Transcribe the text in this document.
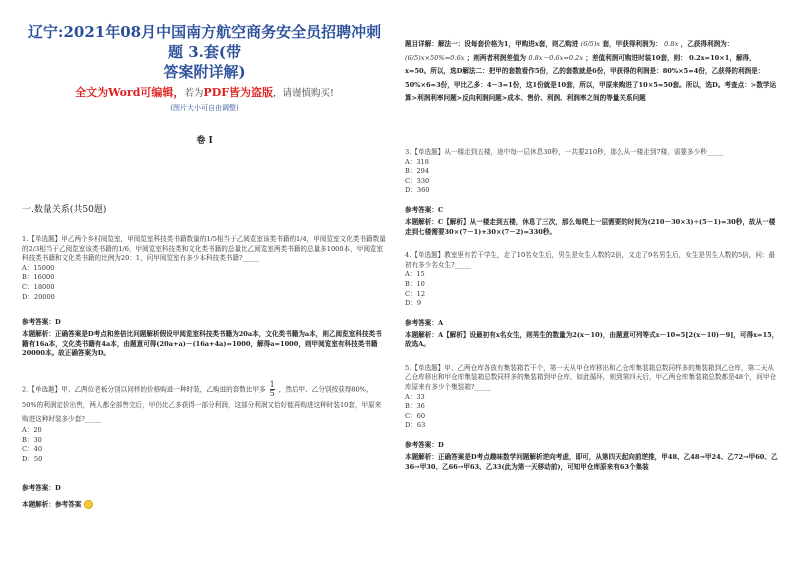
辽宁:2021年08月中国南方航空商务安全员招聘冲刺题 3.套(带
答案附详解)
全文为Word可编辑，若为PDF皆为盗版，请谨慎购买!
(图片大小可自由调整)
卷 I
一.数量关系(共50题)
1.【单选题】甲乙两个乡村阅览室，甲阅览室科技类书籍数量的1/5相当于乙阅览室该类书籍的1/4，甲阅览室文化类书籍数量的2/3相当于乙阅览室该类书籍的1/6，甲阅览室科技类和文化类书籍的总量比乙阅览室两类书籍的总量多1000本，甲阅览室科技类书籍和文化类书籍的比例为20：1，问甲阅览室有多少本科技类书籍?_____
A：15000
B：16000
C：18000
D：20000
参考答案：D
本题解析：正确答案是D考点和差倍比问题解析假设甲阅览室科技类书籍为20a本，文化类书籍为a本，则乙阅览室科技类书籍有16a本，文化类书籍有4a本，由题意可得(20a+a)－(16a+4a)=1000，解得a=1000，则甲阅览室有科技类书籍20000本。故正确答案为D。
2.【单选题】甲、乙两位老板分别以同样的价格购进一种时装，乙购进的套数比甲多 $\frac{1}{5}$ ，然后甲、乙分别按获得80%，50%的利润定价出售，两人都全部售完后，甲仍比乙多获得一部分利润，这部分利润又恰好能再购进这种时装10套，甲原来购进这种时装多少套?_____
A：20
B：30
C：40
D：50
参考答案：D
本题解析：参考答案
题目详解：解法一：设每套价格为1，甲购进x套，则乙购进 (6/5)x 套，甲获得利润为： 0.8x ，乙获得利润为： (6/5)x×50%=0.6x ；则两者利润差值为 0.8x－0.6x=0.2x ；差值利润可购进时装10套，则： 0.2x=10×1，解得，x=50。所以，选D解法二：把甲的套数看作5份，乙的套数就是6份，甲获得的利润是：80%×5=4份，乙获得的利润是：50%×6=3份，甲比乙多：4－3=1份，这1份就是10套，所以，甲原来购进了10×5=50套。所以，选D。考查点：>数学运算>利润利率问题>反向利润问题>成本、售价、利润、利润率之间的等量关系问题
3.【单选题】从一楼走到五楼，途中每一层休息30秒，一共要210秒，那么从一楼走到7楼，需要多少秒_____
A：318
B：294
C：330
D：360
参考答案：C
本题解析：C【解析】从一楼走到五楼，休息了三次，那么每爬上一层需要的时间为(210－30×3)÷(5－1)=30秒，故从一楼走到七楼需要30×(7－1)+30×(7－2)=330秒。
4.【单选题】教室里有若干学生，走了10名女生后，男生是女生人数的2倍，又走了9名男生后，女生是男生人数的5倍，问：最初有多少名女生?_____
A：15
B：10
C：12
D：9
参考答案：A
本题解析：A【解析】设最初有x名女生，则男生的数量为2(x－10)，由题意可列等式x－10=5[2(x－10)－9]，可得x=15，故选A。
5.【单选题】甲、乙两仓库各放有集装箱若干个，第一天从甲仓库移出和乙仓库集装箱总数同样多的集装箱到乙仓库，第二天从乙仓库移出和甲仓库集装箱总数同样多的集装箱到甲仓库，如此循环，则到第四天后，甲乙两仓库集装箱总数都是48个，问甲仓库原来有多少个集装箱?_____
A：33
B：36
C：60
D：63
参考答案：D
本题解析：正确答案是D考点趣味数学问题解析逆向考虑，即可，从第四天起向前逆推，甲48、乙48→甲24、乙72→甲60、乙36→甲30、乙66→甲63、乙33(此为第一天移动前)，可知甲仓库原来有63个集装
